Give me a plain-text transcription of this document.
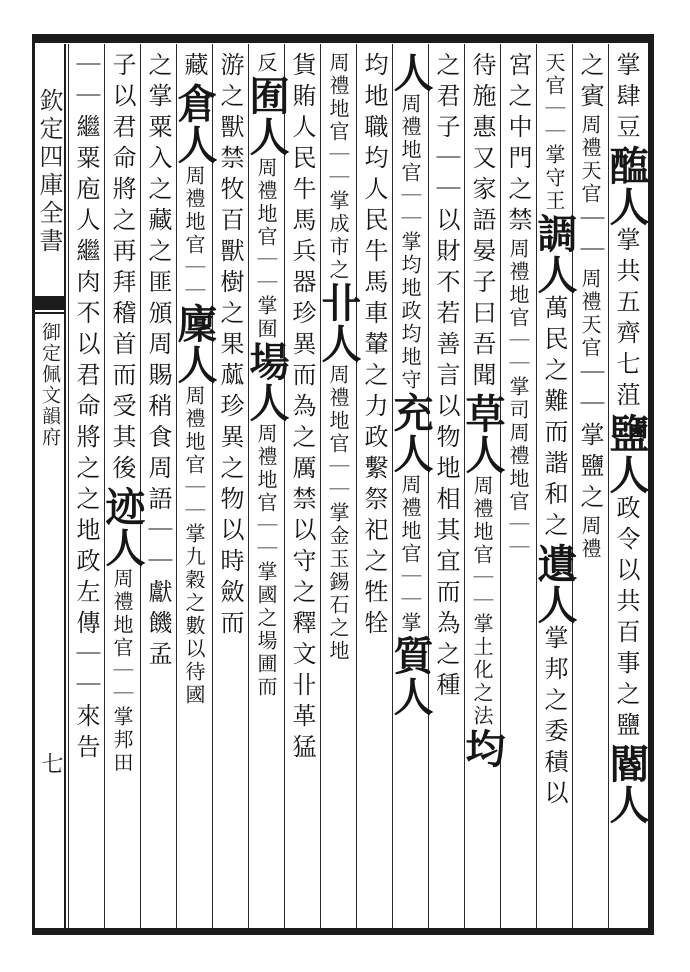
欽定四庫全書
御定佩文韻府
七
掌肆豆醢人掌共五齊七菹鹽人政令以共百事之鹽閽人
之賓周禮天官｜｜周禮天官｜｜掌鹽之周禮
天官｜｜掌守王調人萬民之難而諧和之遺人掌邦之委積以
宮之中門之禁周禮地官｜｜掌司周禮地官｜｜
待施惠又家語晏子曰吾聞草人周禮地官｜｜掌土化之法均
之君子｜｜以財不若善言以物地相其宜而為之種
人周禮地官｜｜掌均地政均地守充人周禮地官｜｜掌質人
均地職均人民牛馬車輦之力政繫祭祀之牲牷
周禮地官｜｜掌成市之卝人周禮地官｜｜掌金玉錫石之地
貨賄人民牛馬兵器珍異而為之厲禁以守之釋文卝革猛
反囿人周禮地官｜｜掌囿場人周禮地官｜｜掌國之場圃而
游之獸禁牧百獸樹之果蓏珍異之物以時斂而
藏倉人周禮地官｜｜廩人周禮地官｜｜掌九穀之數以待國
之掌粟入之藏之匪頒周賜稍食周語｜｜獻饑孟
子以君命將之再拜稽首而受其後迹人周禮地官｜｜掌邦田
｜｜繼粟庖人繼肉不以君命將之之地政左傳｜｜來告
